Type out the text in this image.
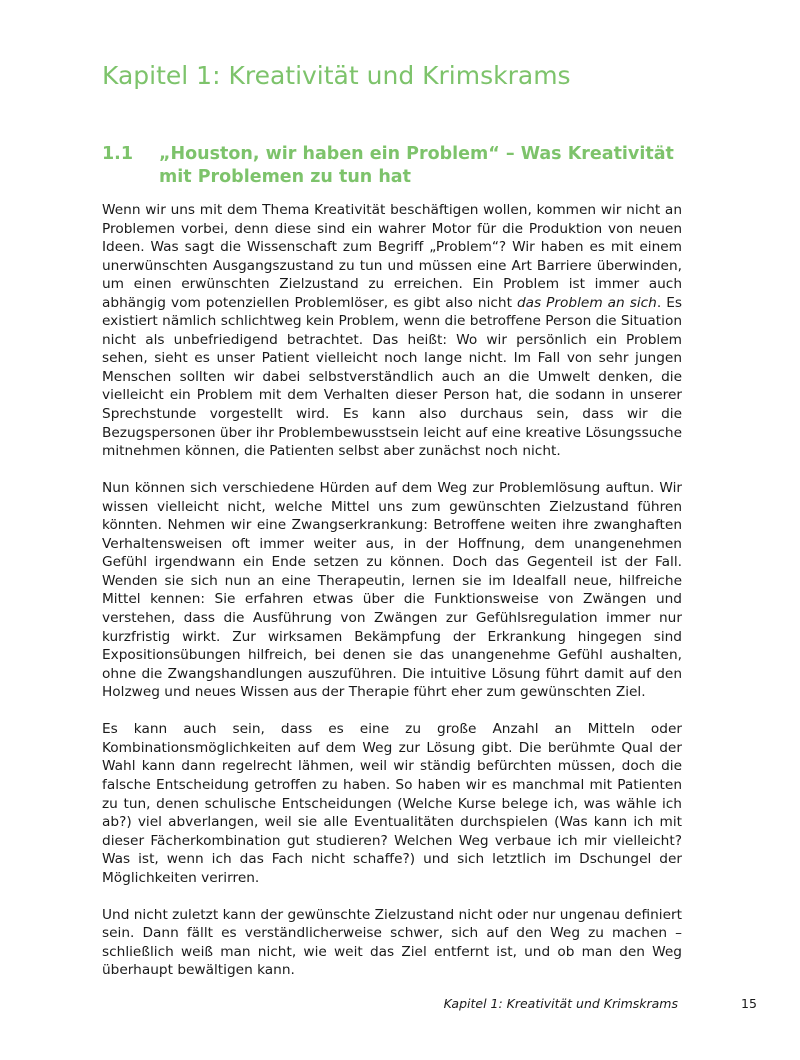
Kapitel 1: Kreativität und Krimskrams
1.1 „Houston, wir haben ein Problem“ – Was Kreativität mit Problemen zu tun hat

Wenn wir uns mit dem Thema Kreativität beschäftigen wollen, kommen wir nicht an Problemen vorbei, denn diese sind ein wahrer Motor für die Produktion von neuen Ideen. Was sagt die Wissenschaft zum Begriff „Problem“? Wir haben es mit einem unerwünschten Ausgangszustand zu tun und müssen eine Art Barriere überwinden, um einen erwünschten Zielzustand zu erreichen. Ein Problem ist immer auch abhängig vom potenziellen Problemlöser, es gibt also nicht das Problem an sich. Es existiert nämlich schlichtweg kein Problem, wenn die betroffene Person die Situation nicht als unbefriedigend betrachtet. Das heißt: Wo wir persönlich ein Problem sehen, sieht es unser Patient vielleicht noch lange nicht. Im Fall von sehr jungen Menschen sollten wir dabei selbstverständlich auch an die Umwelt denken, die vielleicht ein Problem mit dem Verhalten dieser Person hat, die sodann in unserer Sprechstunde vorgestellt wird. Es kann also durchaus sein, dass wir die Bezugspersonen über ihr Problembewusstsein leicht auf eine kreative Lösungssuche mitnehmen können, die Patienten selbst aber zunächst noch nicht.

Nun können sich verschiedene Hürden auf dem Weg zur Problemlösung auftun. Wir wissen vielleicht nicht, welche Mittel uns zum gewünschten Zielzustand führen könnten. Nehmen wir eine Zwangserkrankung: Betroffene weiten ihre zwanghaften Verhaltensweisen oft immer weiter aus, in der Hoffnung, dem unangenehmen Gefühl irgendwann ein Ende setzen zu können. Doch das Gegenteil ist der Fall. Wenden sie sich nun an eine Therapeutin, lernen sie im Idealfall neue, hilfreiche Mittel kennen: Sie erfahren etwas über die Funktionsweise von Zwängen und verstehen, dass die Ausführung von Zwängen zur Gefühlsregulation immer nur kurzfristig wirkt. Zur wirksamen Bekämpfung der Erkrankung hingegen sind Expositionsübungen hilfreich, bei denen sie das unangenehme Gefühl aushalten, ohne die Zwangshandlungen auszuführen. Die intuitive Lösung führt damit auf den Holzweg und neues Wissen aus der Therapie führt eher zum gewünschten Ziel.

Es kann auch sein, dass es eine zu große Anzahl an Mitteln oder Kombinationsmöglichkeiten auf dem Weg zur Lösung gibt. Die berühmte Qual der Wahl kann dann regelrecht lähmen, weil wir ständig befürchten müssen, doch die falsche Entscheidung getroffen zu haben. So haben wir es manchmal mit Patienten zu tun, denen schulische Entscheidungen (Welche Kurse belege ich, was wähle ich ab?) viel abverlangen, weil sie alle Eventualitäten durchspielen (Was kann ich mit dieser Fächerkombination gut studieren? Welchen Weg verbaue ich mir vielleicht? Was ist, wenn ich das Fach nicht schaffe?) und sich letztlich im Dschungel der Möglichkeiten verirren.

Und nicht zuletzt kann der gewünschte Zielzustand nicht oder nur ungenau definiert sein. Dann fällt es verständlicherweise schwer, sich auf den Weg zu machen – schließlich weiß man nicht, wie weit das Ziel entfernt ist, und ob man den Weg überhaupt bewältigen kann.

Kapitel 1: Kreativität und Krimskrams	15
